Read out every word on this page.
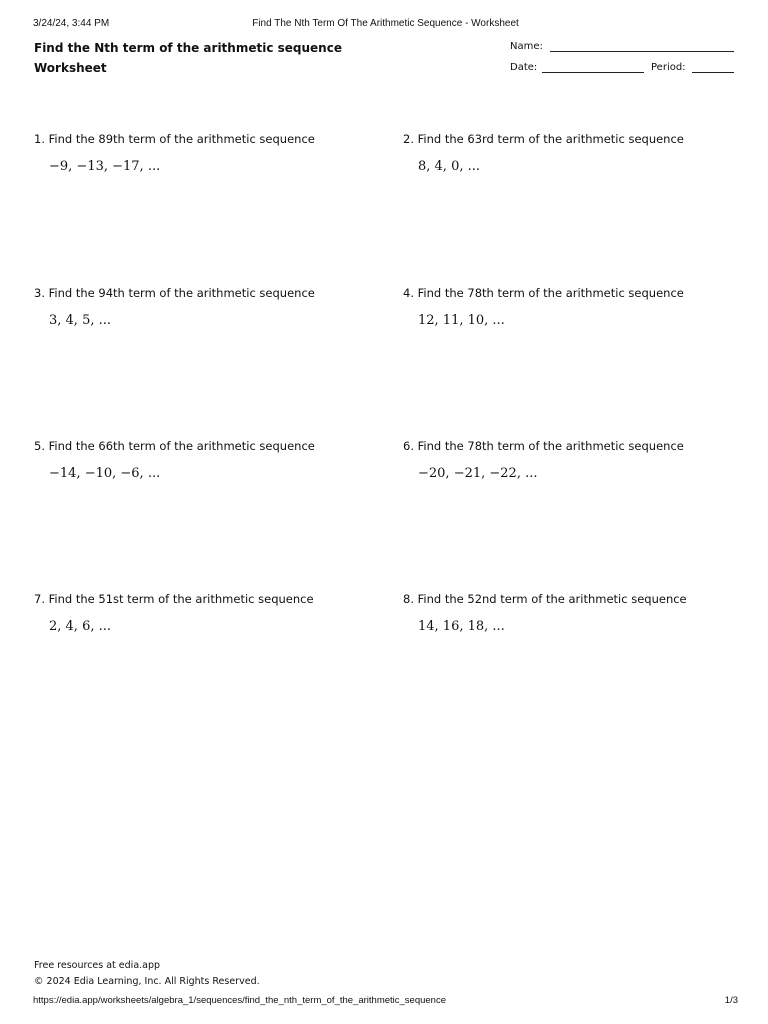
3/24/24, 3:44 PM	Find The Nth Term Of The Arithmetic Sequence - Worksheet
Find the Nth term of the arithmetic sequence
Worksheet
Name:
Date:	Period:
1. Find the 89th term of the arithmetic sequence
−9, −13, −17, ...
2. Find the 63rd term of the arithmetic sequence
8, 4, 0, ...
3. Find the 94th term of the arithmetic sequence
3, 4, 5, ...
4. Find the 78th term of the arithmetic sequence
12, 11, 10, ...
5. Find the 66th term of the arithmetic sequence
−14, −10, −6, ...
6. Find the 78th term of the arithmetic sequence
−20, −21, −22, ...
7. Find the 51st term of the arithmetic sequence
2, 4, 6, ...
8. Find the 52nd term of the arithmetic sequence
14, 16, 18, ...
Free resources at edia.app
© 2024 Edia Learning, Inc. All Rights Reserved.
https://edia.app/worksheets/algebra_1/sequences/find_the_nth_term_of_the_arithmetic_sequence	1/3
